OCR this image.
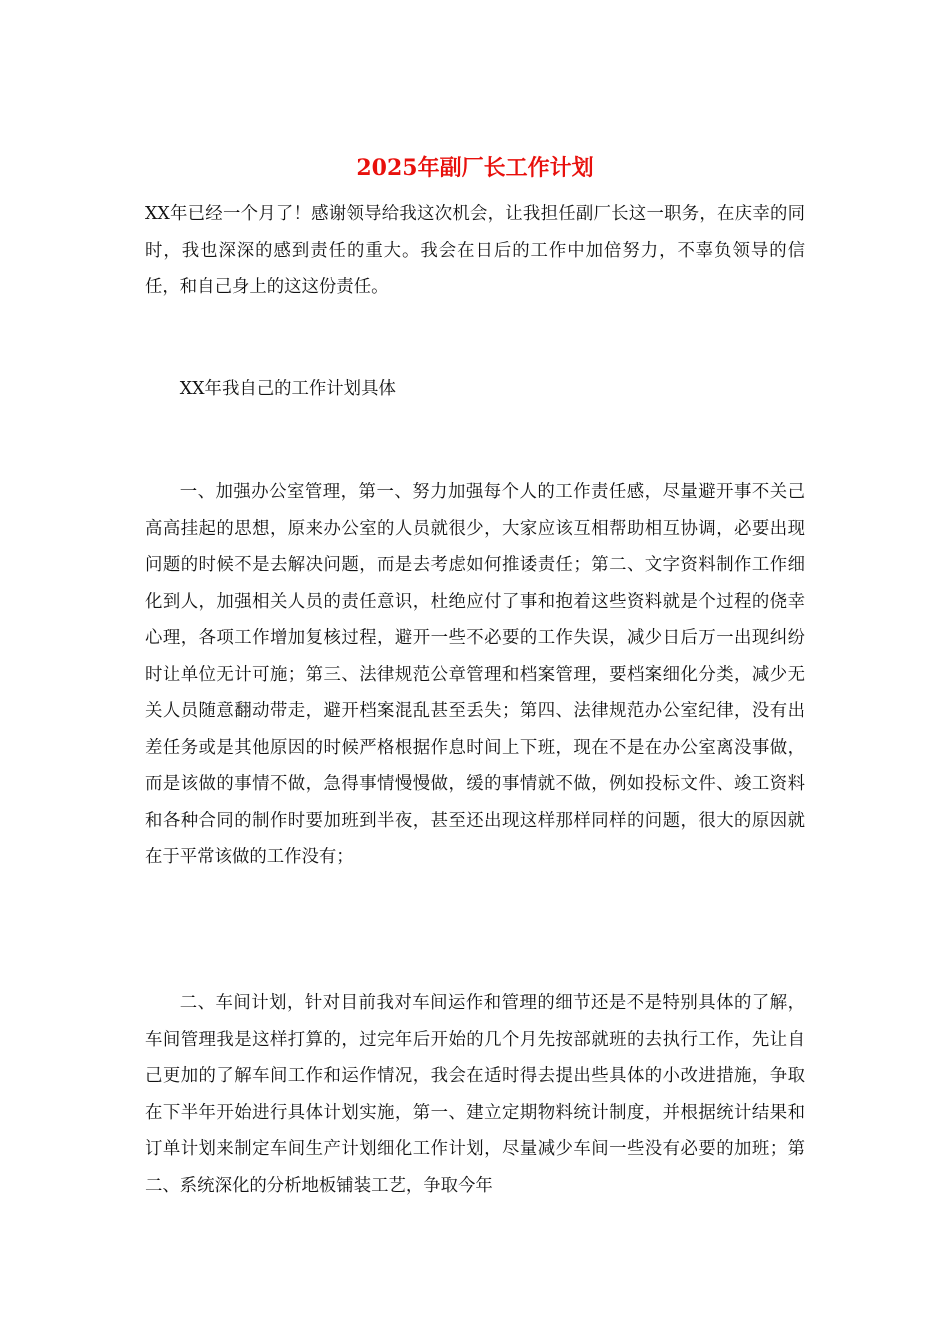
2025年副厂长工作计划

XX年已经一个月了！感谢领导给我这次机会，让我担任副厂长这一职务，在庆幸的同时，我也深深的感到责任的重大。我会在日后的工作中加倍努力，不辜负领导的信任，和自己身上的这这份责任。

XX年我自己的工作计划具体

一、加强办公室管理，第一、努力加强每个人的工作责任感，尽量避开事不关己高高挂起的思想，原来办公室的人员就很少，大家应该互相帮助相互协调，必要出现问题的时候不是去解决问题，而是去考虑如何推诿责任；第二、文字资料制作工作细化到人，加强相关人员的责任意识，杜绝应付了事和抱着这些资料就是个过程的侥幸心理，各项工作增加复核过程，避开一些不必要的工作失误，减少日后万一出现纠纷时让单位无计可施；第三、法律规范公章管理和档案管理，要档案细化分类，减少无关人员随意翻动带走，避开档案混乱甚至丢失；第四、法律规范办公室纪律，没有出差任务或是其他原因的时候严格根据作息时间上下班，现在不是在办公室离没事做，而是该做的事情不做，急得事情慢慢做，缓的事情就不做，例如投标文件、竣工资料和各种合同的制作时要加班到半夜，甚至还出现这样那样同样的问题，很大的原因就在于平常该做的工作没有；

二、车间计划，针对目前我对车间运作和管理的细节还是不是特别具体的了解，车间管理我是这样打算的，过完年后开始的几个月先按部就班的去执行工作，先让自己更加的了解车间工作和运作情况，我会在适时得去提出些具体的小改进措施，争取在下半年开始进行具体计划实施，第一、建立定期物料统计制度，并根据统计结果和订单计划来制定车间生产计划细化工作计划，尽量减少车间一些没有必要的加班；第二、系统深化的分析地板铺装工艺，争取今年
